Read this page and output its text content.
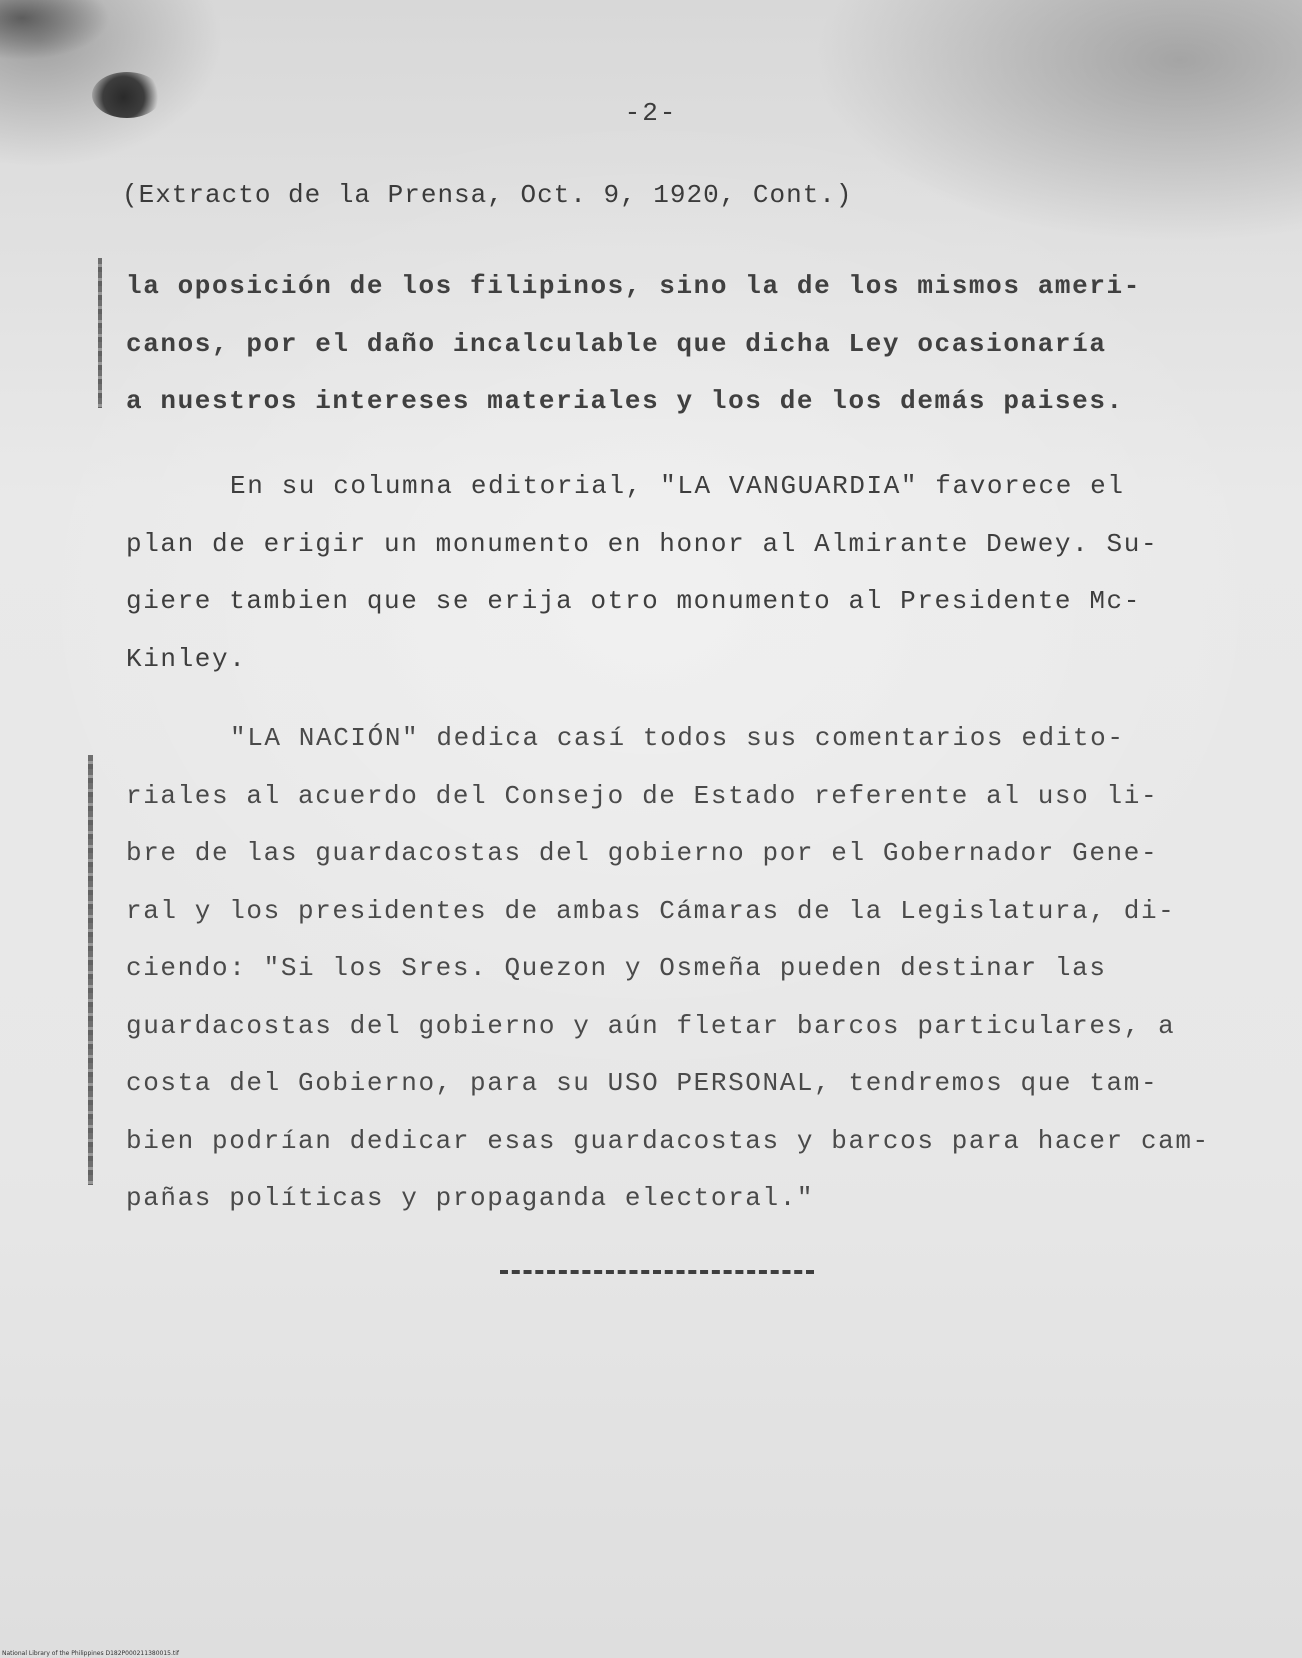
-2-
(Extracto de la Prensa, Oct. 9, 1920, Cont.)
la oposición de los filipinos, sino la de los mismos ameri-
canos, por el daño incalculable que dicha Ley ocasionaría
a nuestros intereses materiales y los de los demás paises.
En su columna editorial, "LA VANGUARDIA" favorece el
plan de erigir un monumento en honor al Almirante Dewey. Su-
giere tambien que se erija otro monumento al Presidente Mc-
Kinley.
"LA NACIÓN" dedica casí todos sus comentarios edito-
riales al acuerdo del Consejo de Estado referente al uso li-
bre de las guardacostas del gobierno por el Gobernador Gene-
ral y los presidentes de ambas Cámaras de la Legislatura, di-
ciendo: "Si los Sres. Quezon y Osmeña pueden destinar las
guardacostas del gobierno y aún fletar barcos particulares, a
costa del Gobierno, para su USO PERSONAL, tendremos que tam-
bien podrían dedicar esas guardacostas y barcos para hacer cam-
pañas políticas y propaganda electoral."
National Library of the Philippines D182P000211380015.tif
